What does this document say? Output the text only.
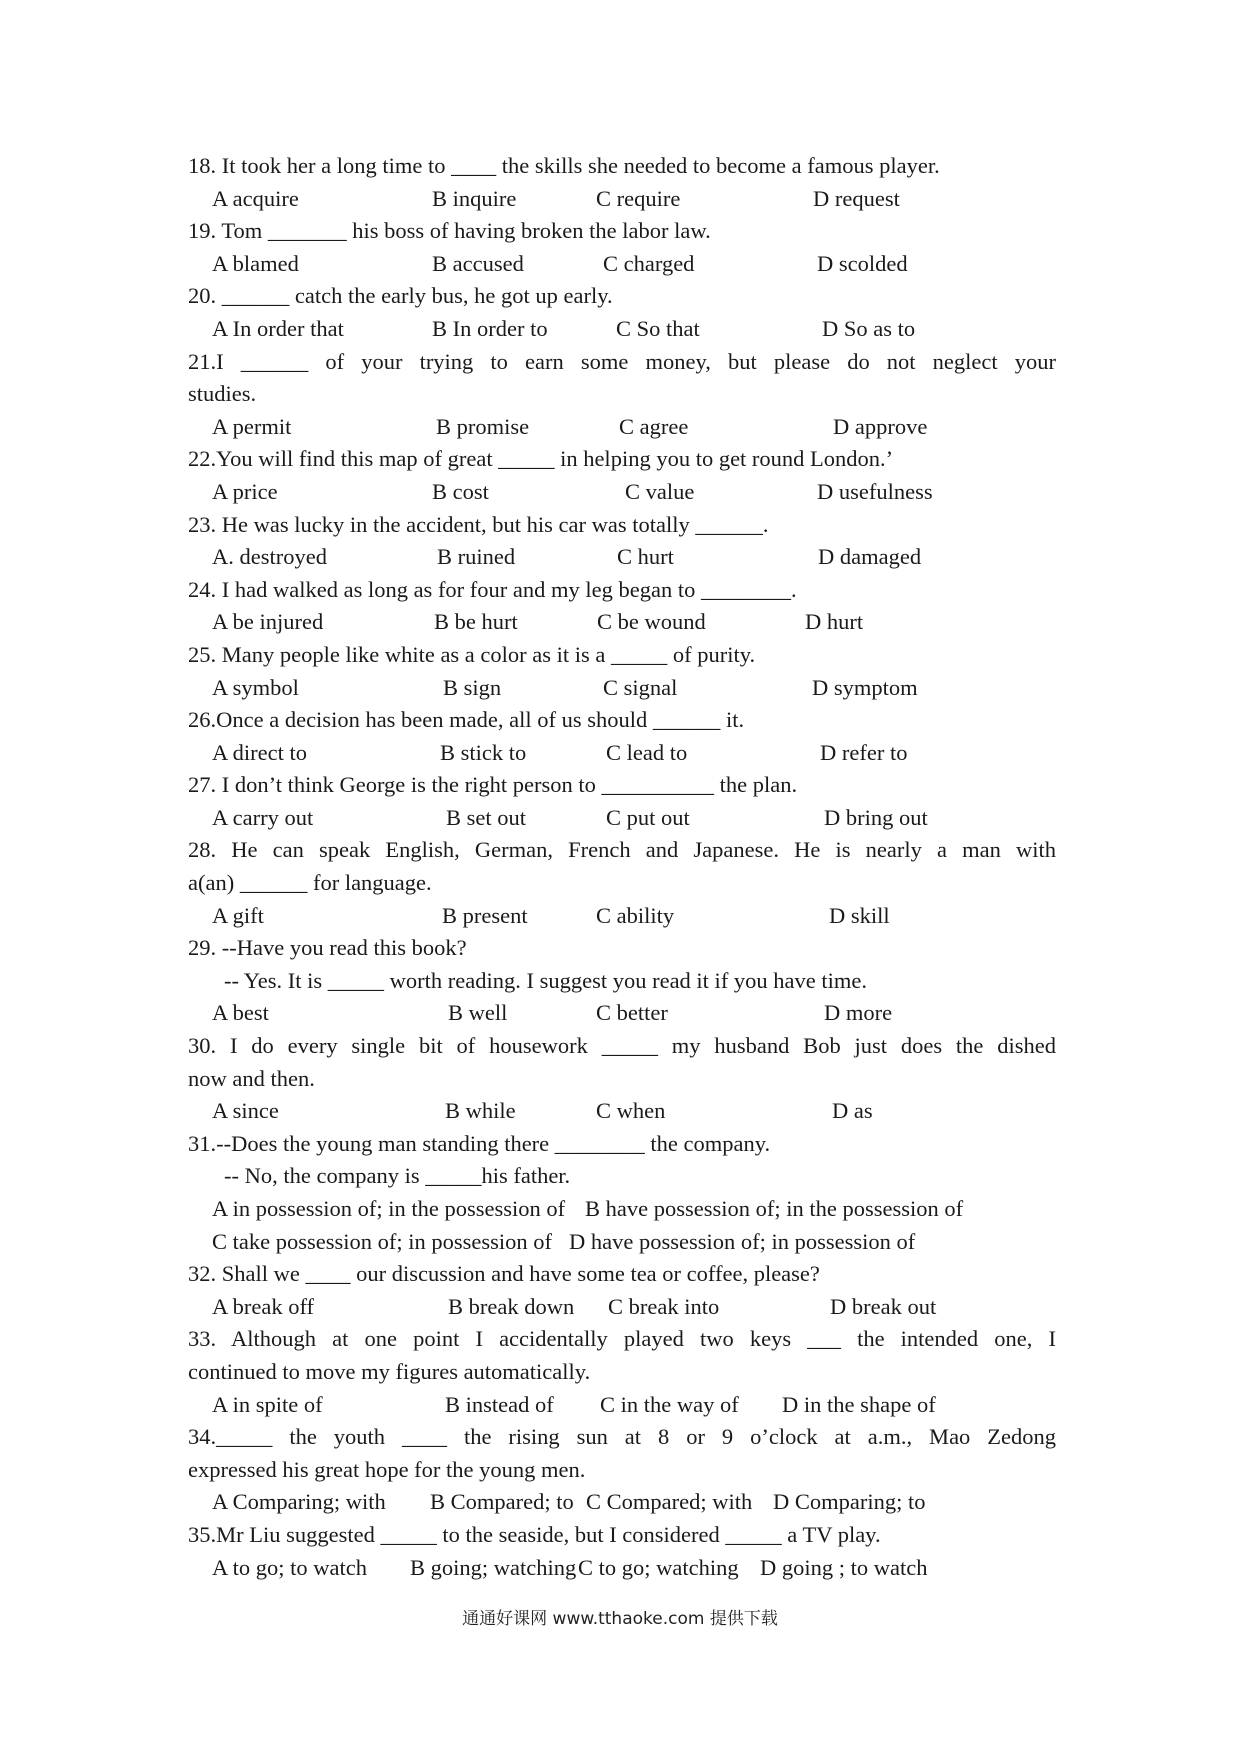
18. It took her a long time to ____ the skills she needed to become a famous player.
A acquire	B inquire	C require	D request
19. Tom _______ his boss of having broken the labor law.
A blamed	B accused	C charged	D scolded
20. ______ catch the early bus, he got up early.
A In order that	B In order to	C So that	D So as to
21.I ______ of your trying to earn some money, but please do not neglect your
studies.
A permit	B promise	C agree	D approve
22.You will find this map of great _____ in helping you to get round London.’
A price	B cost	C value	D usefulness
23. He was lucky in the accident, but his car was totally ______.
A. destroyed	B ruined	C hurt	D damaged
24. I had walked as long as for four and my leg began to ________.
A be injured	B be hurt	C be wound	D hurt
25. Many people like white as a color as it is a _____ of purity.
A symbol	B sign	C signal	D symptom
26.Once a decision has been made, all of us should ______ it.
A direct to	B stick to	C lead to	D refer to
27. I don’t think George is the right person to __________ the plan.
A carry out	B set out	C put out	D bring out
28. He can speak English, German, French and Japanese. He is nearly a man with
a(an) ______ for language.
A gift	B present	C ability	D skill
29. --Have you read this book?
-- Yes. It is _____ worth reading. I suggest you read it if you have time.
A best	B well	C better	D more
30. I do every single bit of housework _____ my husband Bob just does the dished
now and then.
A since	B while	C when	D as
31.--Does the young man standing there ________ the company.
-- No, the company is _____his father.
A in possession of; in the possession of B have possession of; in the possession of
C take possession of; in possession of D have possession of; in possession of
32. Shall we ____ our discussion and have some tea or coffee, please?
A break off	B break down C break into	D break out
33. Although at one point I accidentally played two keys ___ the intended one, I
continued to move my figures automatically.
A in spite of	B instead of C in the way of D in the shape of
34._____ the youth ____ the rising sun at 8 or 9 o’clock at a.m., Mao Zedong
expressed his great hope for the young men.
A Comparing; with B Compared; to C Compared; with D Comparing; to
35.Mr Liu suggested _____ to the seaside, but I considered _____ a TV play.
A to go; to watch B going; watching C to go; watching D going ; to watch
通通好课网 www.tthaoke.com 提供下载
